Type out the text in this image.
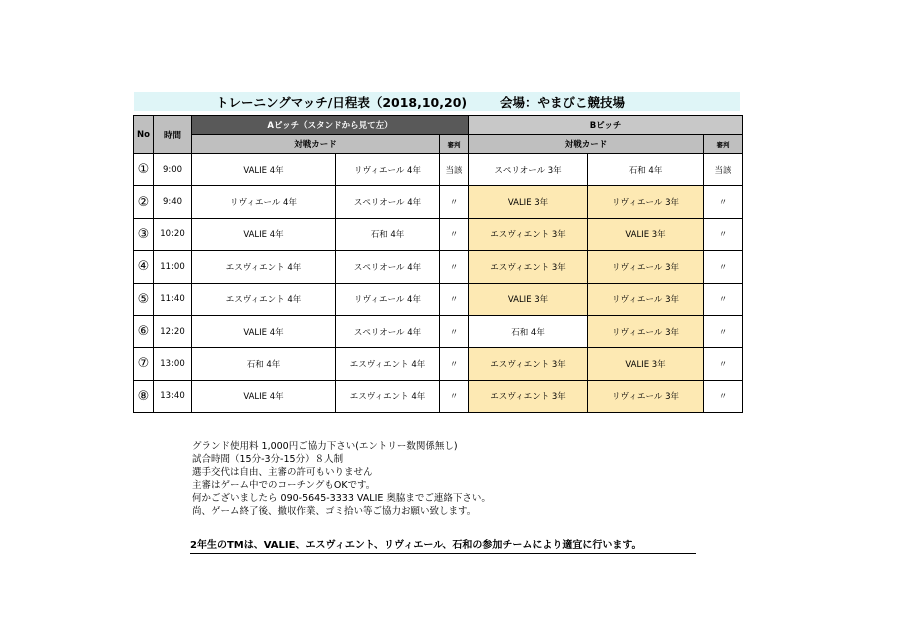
トレーニングマッチ/日程表（2018,10,20)	会場：やまびこ競技場
No	時間	Aピッチ（スタンドから見て左）			Bピッチ		
		対戦カード		審判	対戦カード		審判
①	9:00	VALIE 4年	リヴィエール 4年	当該	スペリオール 3年	石和 4年	当該
②	9:40	リヴィエール 4年	スペリオール 4年	〃	VALIE 3年	リヴィエール 3年	〃
③	10:20	VALIE 4年	石和 4年	〃	エスヴィエント 3年	VALIE 3年	〃
④	11:00	エスヴィエント 4年	スペリオール 4年	〃	エスヴィエント 3年	リヴィエール 3年	〃
⑤	11:40	エスヴィエント 4年	リヴィエール 4年	〃	VALIE 3年	リヴィエール 3年	〃
⑥	12:20	VALIE 4年	スペリオール 4年	〃	石和 4年	リヴィエール 3年	〃
⑦	13:00	石和 4年	エスヴィエント 4年	〃	エスヴィエント 3年	VALIE 3年	〃
⑧	13:40	VALIE 4年	エスヴィエント 4年	〃	エスヴィエント 3年	リヴィエール 3年	〃
グランド使用料 1,000円ご協力下さい(エントリー数関係無し)
試合時間（15分-3分-15分）８人制
選手交代は自由、主審の許可もいりません
主審はゲーム中でのコーチングもOKです。
何かございましたら 090-5645-3333 VALIE 奥脇までご連絡下さい。
尚、ゲーム終了後、撤収作業、ゴミ拾い等ご協力お願い致します。
2年生のTMは、VALIE、エスヴィエント、リヴィエール、石和の参加チームにより適宜に行います。
